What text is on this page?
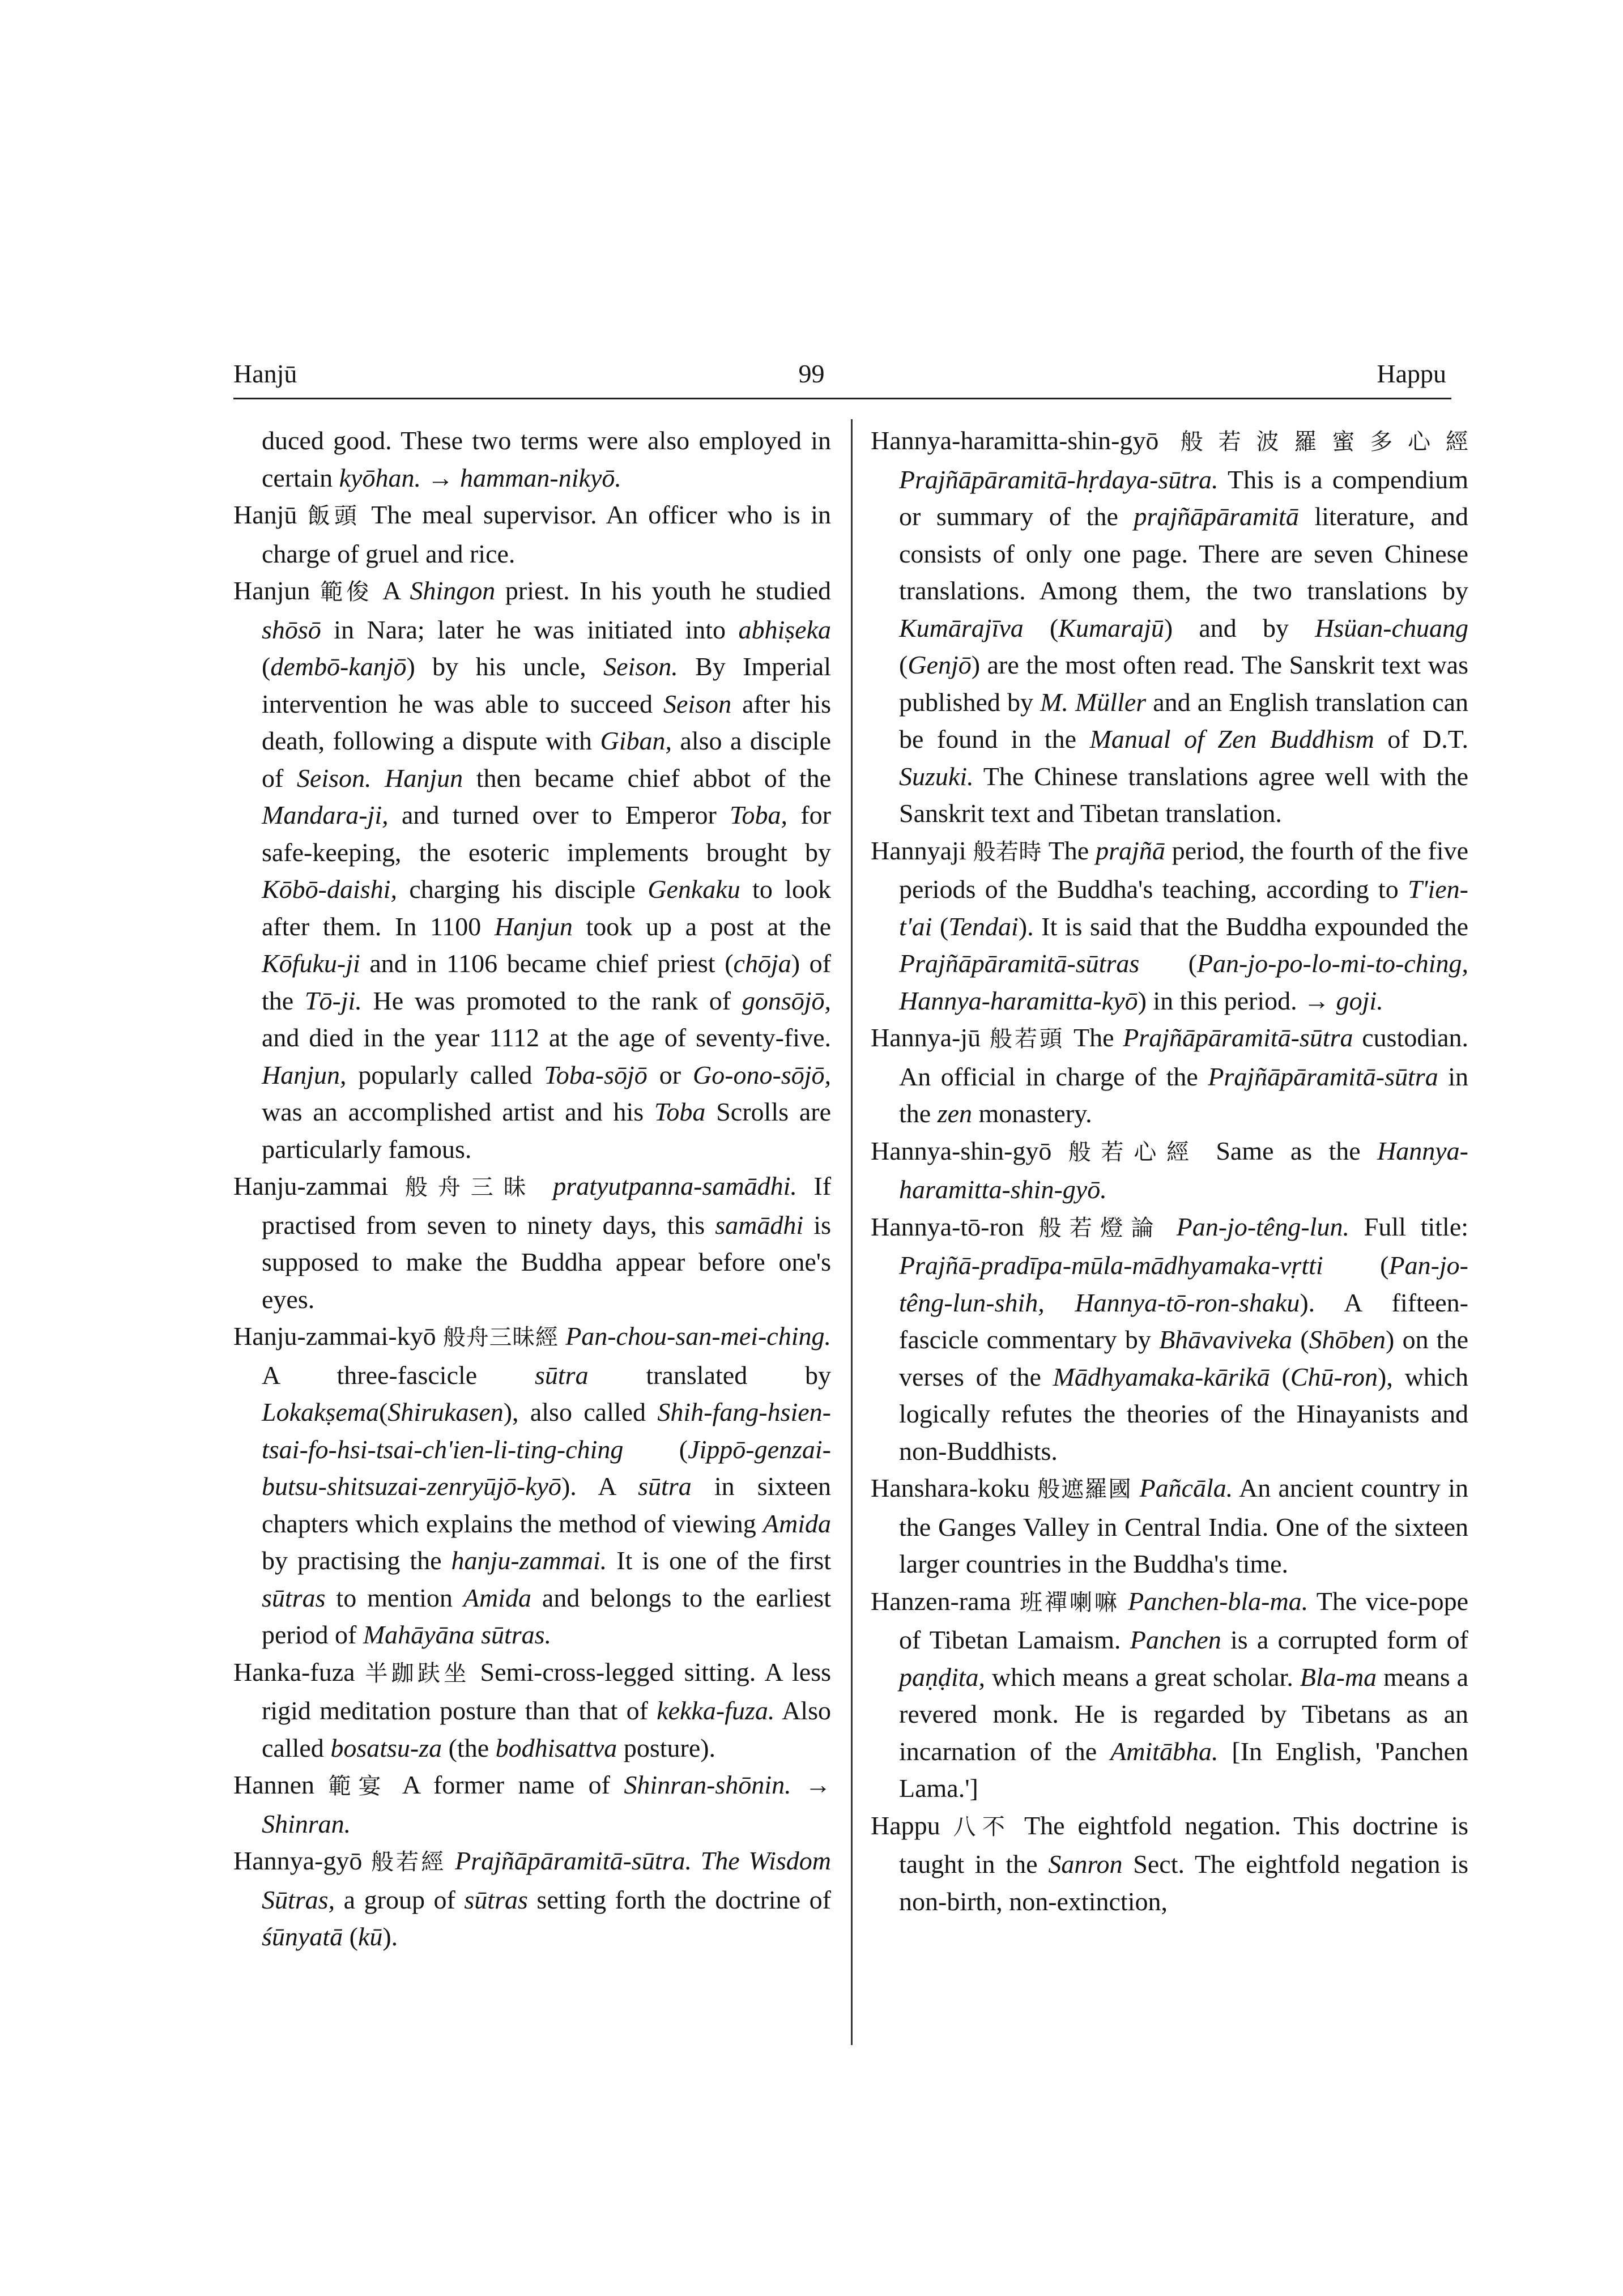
Hanjū	99	Happu

duced good. These two terms were also employed in certain kyōhan. → hamman-nikyō.

Hanjū 飯頭 The meal supervisor. An officer who is in charge of gruel and rice.

Hanjun 範俊 A Shingon priest. In his youth he studied shōsō in Nara; later he was initiated into abhiṣeka (dembō-kanjō) by his uncle, Seison. By Imperial intervention he was able to succeed Seison after his death, following a dispute with Giban, also a disciple of Seison. Hanjun then became chief abbot of the Mandara-ji, and turned over to Emperor Toba, for safe-keeping, the esoteric implements brought by Kōbō-daishi, charging his disciple Genkaku to look after them. In 1100 Hanjun took up a post at the Kōfuku-ji and in 1106 became chief priest (chōja) of the Tō-ji. He was promoted to the rank of gonsōjō, and died in the year 1112 at the age of seventy-five. Hanjun, popularly called Toba-sōjō or Go-ono-sōjō, was an accomplished artist and his Toba Scrolls are particularly famous.

Hanju-zammai 般舟三昧 pratyutpanna-samādhi. If practised from seven to ninety days, this samādhi is supposed to make the Buddha appear before one's eyes.

Hanju-zammai-kyō 般舟三昧經 Pan-chou-san-mei-ching. A three-fascicle sūtra translated by Lokakṣema(Shirukasen), also called Shih-fang-hsien-tsai-fo-hsi-tsai-ch'ien-li-ting-ching (Jippō-genzai-butsu-shitsuzai-zenryūjō-kyō). A sūtra in sixteen chapters which explains the method of viewing Amida by practising the hanju-zammai. It is one of the first sūtras to mention Amida and belongs to the earliest period of Mahāyāna sūtras.

Hanka-fuza 半跏趺坐 Semi-cross-legged sitting. A less rigid meditation posture than that of kekka-fuza. Also called bosatsu-za (the bodhisattva posture).

Hannen 範宴 A former name of Shinran-shōnin. → Shinran.

Hannya-gyō 般若經 Prajñāpāramitā-sūtra. The Wisdom Sūtras, a group of sūtras setting forth the doctrine of śūnyatā (kū).

Hannya-haramitta-shin-gyō 般若波羅蜜多心經 Prajñāpāramitā-hṛdaya-sūtra. This is a compendium or summary of the prajñāpāramitā literature, and consists of only one page. There are seven Chinese translations. Among them, the two translations by Kumārajīva (Kumarajū) and by Hsüan-chuang (Genjō) are the most often read. The Sanskrit text was published by M. Müller and an English translation can be found in the Manual of Zen Buddhism of D.T. Suzuki. The Chinese translations agree well with the Sanskrit text and Tibetan translation.

Hannyaji 般若時 The prajñā period, the fourth of the five periods of the Buddha's teaching, according to T'ien-t'ai (Tendai). It is said that the Buddha expounded the Prajñāpāramitā-sūtras (Pan-jo-po-lo-mi-to-ching, Hannya-haramitta-kyō) in this period. → goji.

Hannya-jū 般若頭 The Prajñāpāramitā-sūtra custodian. An official in charge of the Prajñāpāramitā-sūtra in the zen monastery.

Hannya-shin-gyō 般若心經 Same as the Hannya-haramitta-shin-gyō.

Hannya-tō-ron 般若燈論 Pan-jo-têng-lun. Full title: Prajñā-pradīpa-mūla-mādhyamaka-vṛtti (Pan-jo-têng-lun-shih, Hannya-tō-ron-shaku). A fifteen-fascicle commentary by Bhāvaviveka (Shōben) on the verses of the Mādhyamaka-kārikā (Chū-ron), which logically refutes the theories of the Hinayanists and non-Buddhists.

Hanshara-koku 般遮羅國 Pañcāla. An ancient country in the Ganges Valley in Central India. One of the sixteen larger countries in the Buddha's time.

Hanzen-rama 班禪喇嘛 Panchen-bla-ma. The vice-pope of Tibetan Lamaism. Panchen is a corrupted form of paṇḍita, which means a great scholar. Bla-ma means a revered monk. He is regarded by Tibetans as an incarnation of the Amitābha. [In English, 'Panchen Lama.']

Happu 八不 The eightfold negation. This doctrine is taught in the Sanron Sect. The eightfold negation is non-birth, non-extinction,
